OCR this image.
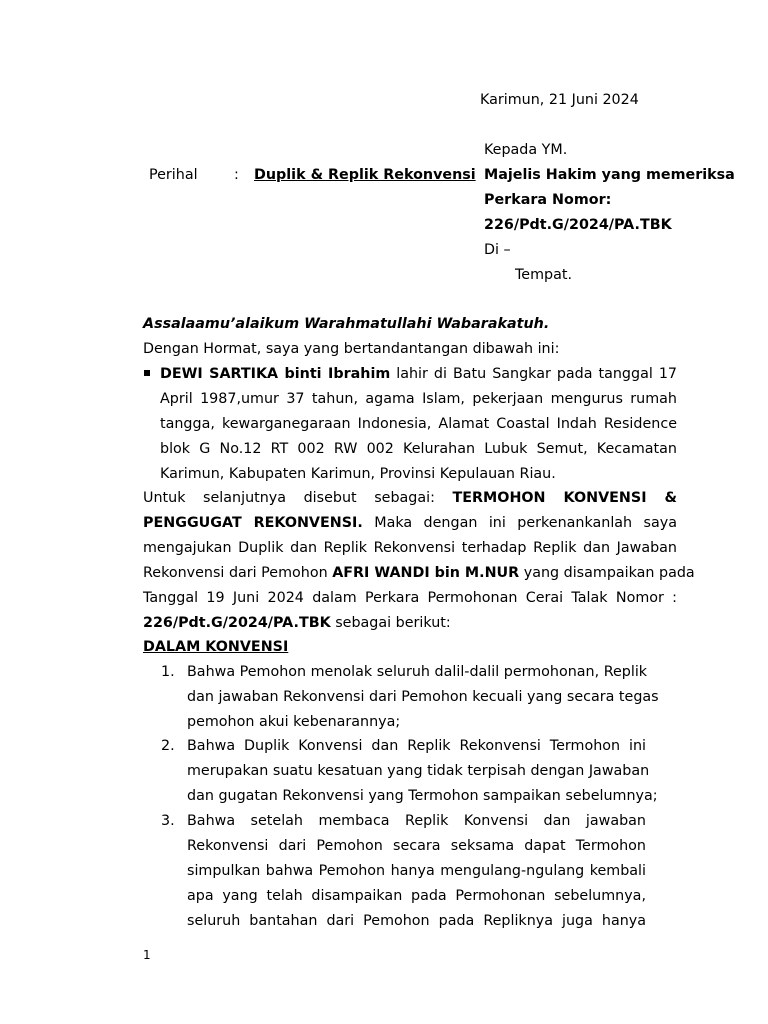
Karimun, 21 Juni 2024
Kepada YM.
Majelis Hakim yang memeriksa
Perkara Nomor:
226/Pdt.G/2024/PA.TBK
Di –
Tempat.
Perihal	: Duplik & Replik Rekonvensi
Assalaamu’alaikum Warahmatullahi Wabarakatuh.
Dengan Hormat, saya yang bertandantangan dibawah ini:
DEWI SARTIKA binti Ibrahim lahir di Batu Sangkar pada tanggal 17
April 1987,umur 37 tahun, agama Islam, pekerjaan mengurus rumah
tangga, kewarganegaraan Indonesia, Alamat Coastal Indah Residence
blok G No.12 RT 002 RW 002 Kelurahan Lubuk Semut, Kecamatan
Karimun, Kabupaten Karimun, Provinsi Kepulauan Riau.
Untuk selanjutnya disebut sebagai: TERMOHON KONVENSI &
PENGGUGAT REKONVENSI. Maka dengan ini perkenankanlah saya
mengajukan Duplik dan Replik Rekonvensi terhadap Replik dan Jawaban
Rekonvensi dari Pemohon AFRI WANDI bin M.NUR yang disampaikan pada
Tanggal 19 Juni 2024 dalam Perkara Permohonan Cerai Talak Nomor :
226/Pdt.G/2024/PA.TBK sebagai berikut:
DALAM KONVENSI
1. Bahwa Pemohon menolak seluruh dalil-dalil permohonan, Replik
dan jawaban Rekonvensi dari Pemohon kecuali yang secara tegas
pemohon akui kebenarannya;
2. Bahwa Duplik Konvensi dan Replik Rekonvensi Termohon ini
merupakan suatu kesatuan yang tidak terpisah dengan Jawaban
dan gugatan Rekonvensi yang Termohon sampaikan sebelumnya;
3. Bahwa setelah membaca Replik Konvensi dan jawaban
Rekonvensi dari Pemohon secara seksama dapat Termohon
simpulkan bahwa Pemohon hanya mengulang-ngulang kembali
apa yang telah disampaikan pada Permohonan sebelumnya,
seluruh bantahan dari Pemohon pada Repliknya juga hanya
1
